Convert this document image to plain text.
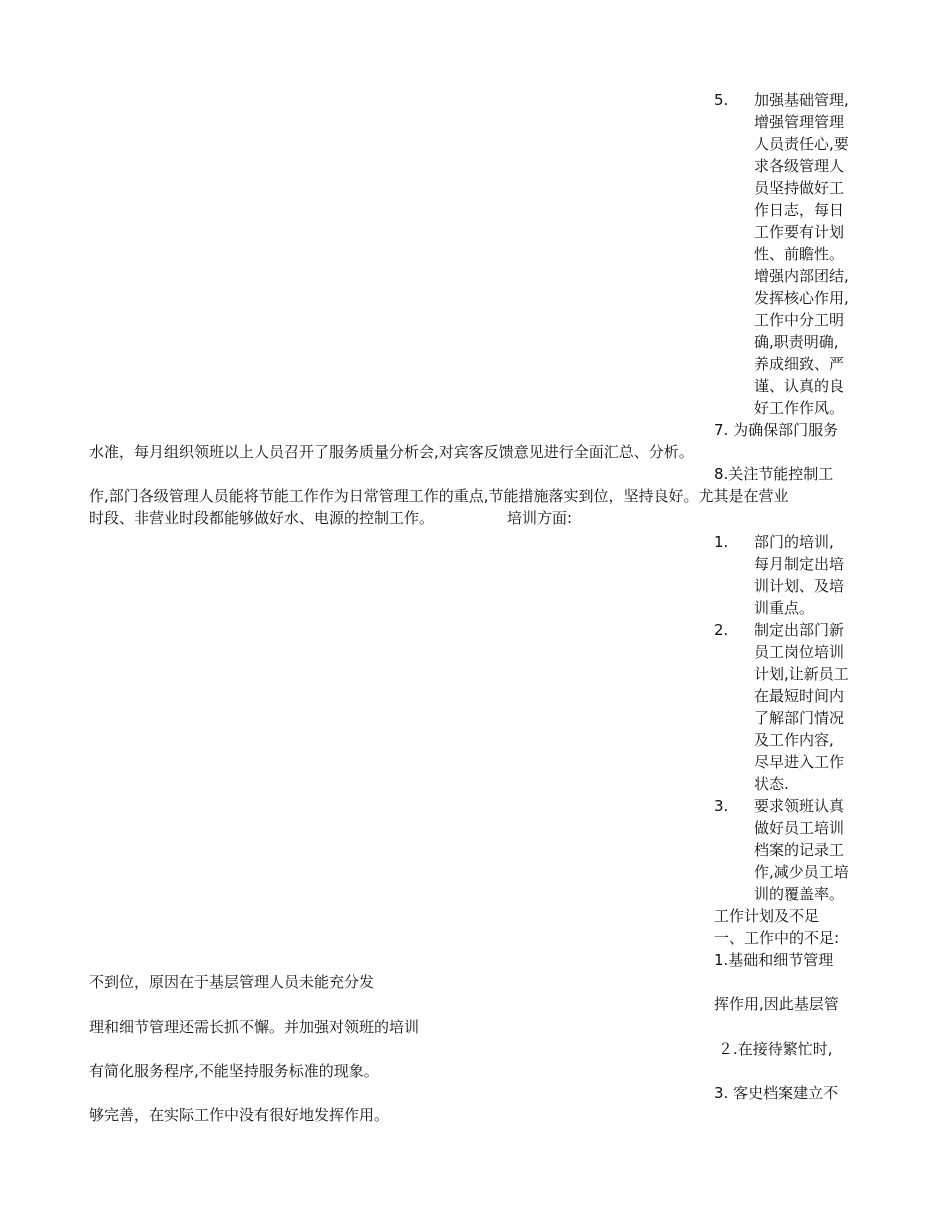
5.	加强基础管理,
增强管理管理
人员责任心,要
求各级管理人
员坚持做好工
作日志，每日
工作要有计划
性、前瞻性。
增强内部团结,
发挥核心作用,
工作中分工明
确,职责明确,
养成细致、严
谨、认真的良
好工作作风。
7. 为确保部门服务
水准，每月组织领班以上人员召开了服务质量分析会,对宾客反馈意见进行全面汇总、分析。
8.关注节能控制工
作,部门各级管理人员能将节能工作作为日常管理工作的重点,节能措施落实到位，坚持良好。尤其是在营业
时段、非营业时段都能够做好水、电源的控制工作。	培训方面:
1.	部门的培训,
每月制定出培
训计划、及培
训重点。
2.	制定出部门新
员工岗位培训
计划,让新员工
在最短时间内
了解部门情况
及工作内容,
尽早进入工作
状态.
3.	要求领班认真
做好员工培训
档案的记录工
作,减少员工培
训的覆盖率。
工作计划及不足
一、工作中的不足:
1.基础和细节管理
不到位，原因在于基层管理人员未能充分发
挥作用,因此基层管
理和细节管理还需长抓不懈。并加强对领班的培训
２.在接待繁忙时,
有简化服务程序,不能坚持服务标准的现象。
3. 客史档案建立不
够完善，在实际工作中没有很好地发挥作用。
